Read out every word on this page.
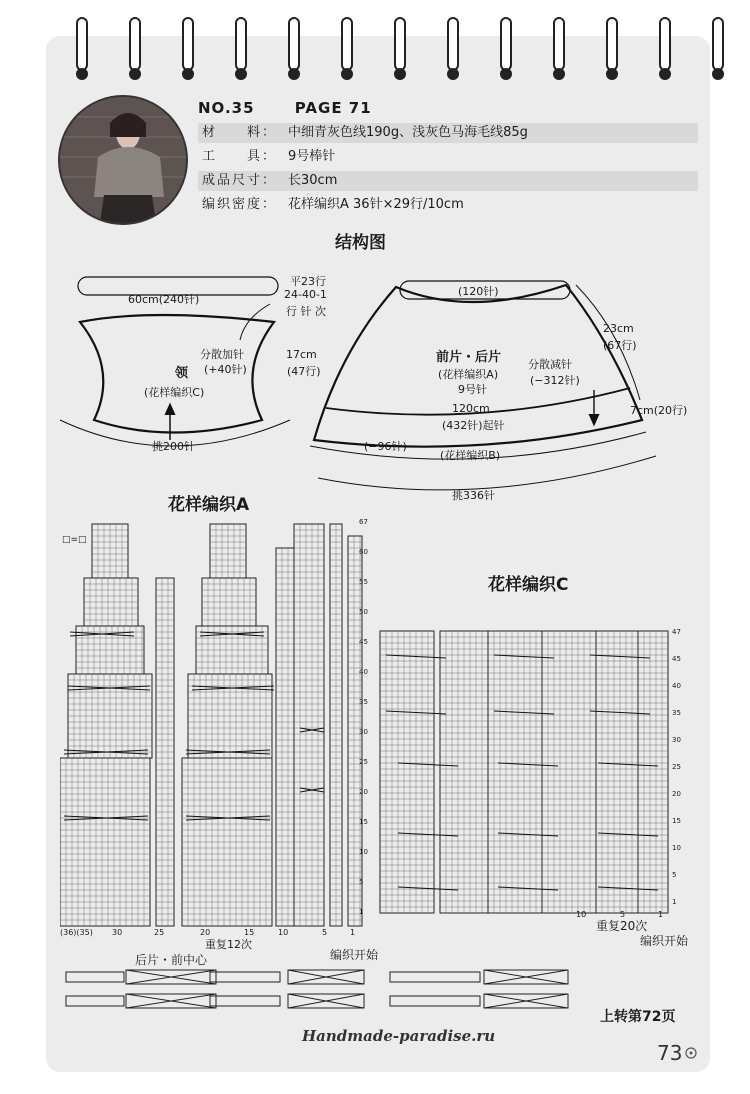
NO.35	PAGE 71
材　　料： 中细青灰色线190g、浅灰色马海毛线85g
工　　具： 9号棒针
成品尺寸： 长30cm
编织密度： 花样编织A 36针×29行/10cm
结构图
60cm(240针)
平23行
24-40-1
行 针 次
分散加针
(+40针)
领
(花样编织C)
17cm
(47行)
挑200针
(120针)
23cm
(67行)
前片・后片
(花样编织A)
9号针
分散减针
(−312针)
120cm
(432针)起针
7cm(20行)
(−96针)
(花样编织B)
挑336针
花样编织A
□=□
重复12次
后片・前中心	编织开始
(36)(35) 30	25	20	15	10	5	1
67
60
55
50
45
40
35
30
25
20
15
10
5
1
花样编织C
重复20次
编织开始
10	5	1
47
45
40
35
30
25
20
15
10
5
1
上转第72页
Handmade-paradise.ru
73
